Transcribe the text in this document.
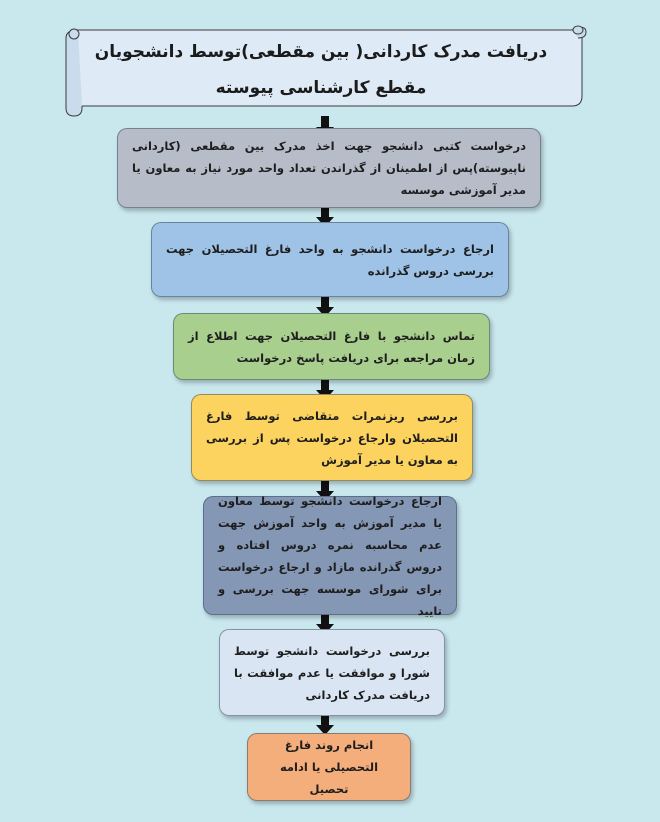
دریافت مدرک کاردانی( بین مقطعی)توسط دانشجویان مقطع کارشناسی پیوسته
درخواست کتبی دانشجو جهت اخذ مدرک بین مقطعی (کاردانی ناپیوسته)پس از اطمینان از گذراندن تعداد واحد مورد نیاز به معاون یا مدیر آموزشی موسسه
ارجاع درخواست دانشجو به واحد فارغ التحصیلان جهت بررسی دروس گذرانده
تماس دانشجو با فارغ التحصیلان جهت اطلاع از زمان مراجعه برای دریافت پاسخ درخواست
بررسی ریزنمرات متقاضی توسط فارغ التحصیلان وارجاع درخواست پس از بررسی به معاون یا مدیر آموزش
ارجاع درخواست دانشجو توسط معاون یا مدیر آموزش به واحد آموزش جهت عدم محاسبه نمره دروس افتاده و دروس گذرانده مازاد و ارجاع درخواست برای شورای موسسه جهت بررسی و تایید
بررسی درخواست دانشجو توسط شورا و موافقت یا عدم موافقت با دریافت مدرک کاردانی
انجام روند فارغ التحصیلی یا ادامه تحصیل
